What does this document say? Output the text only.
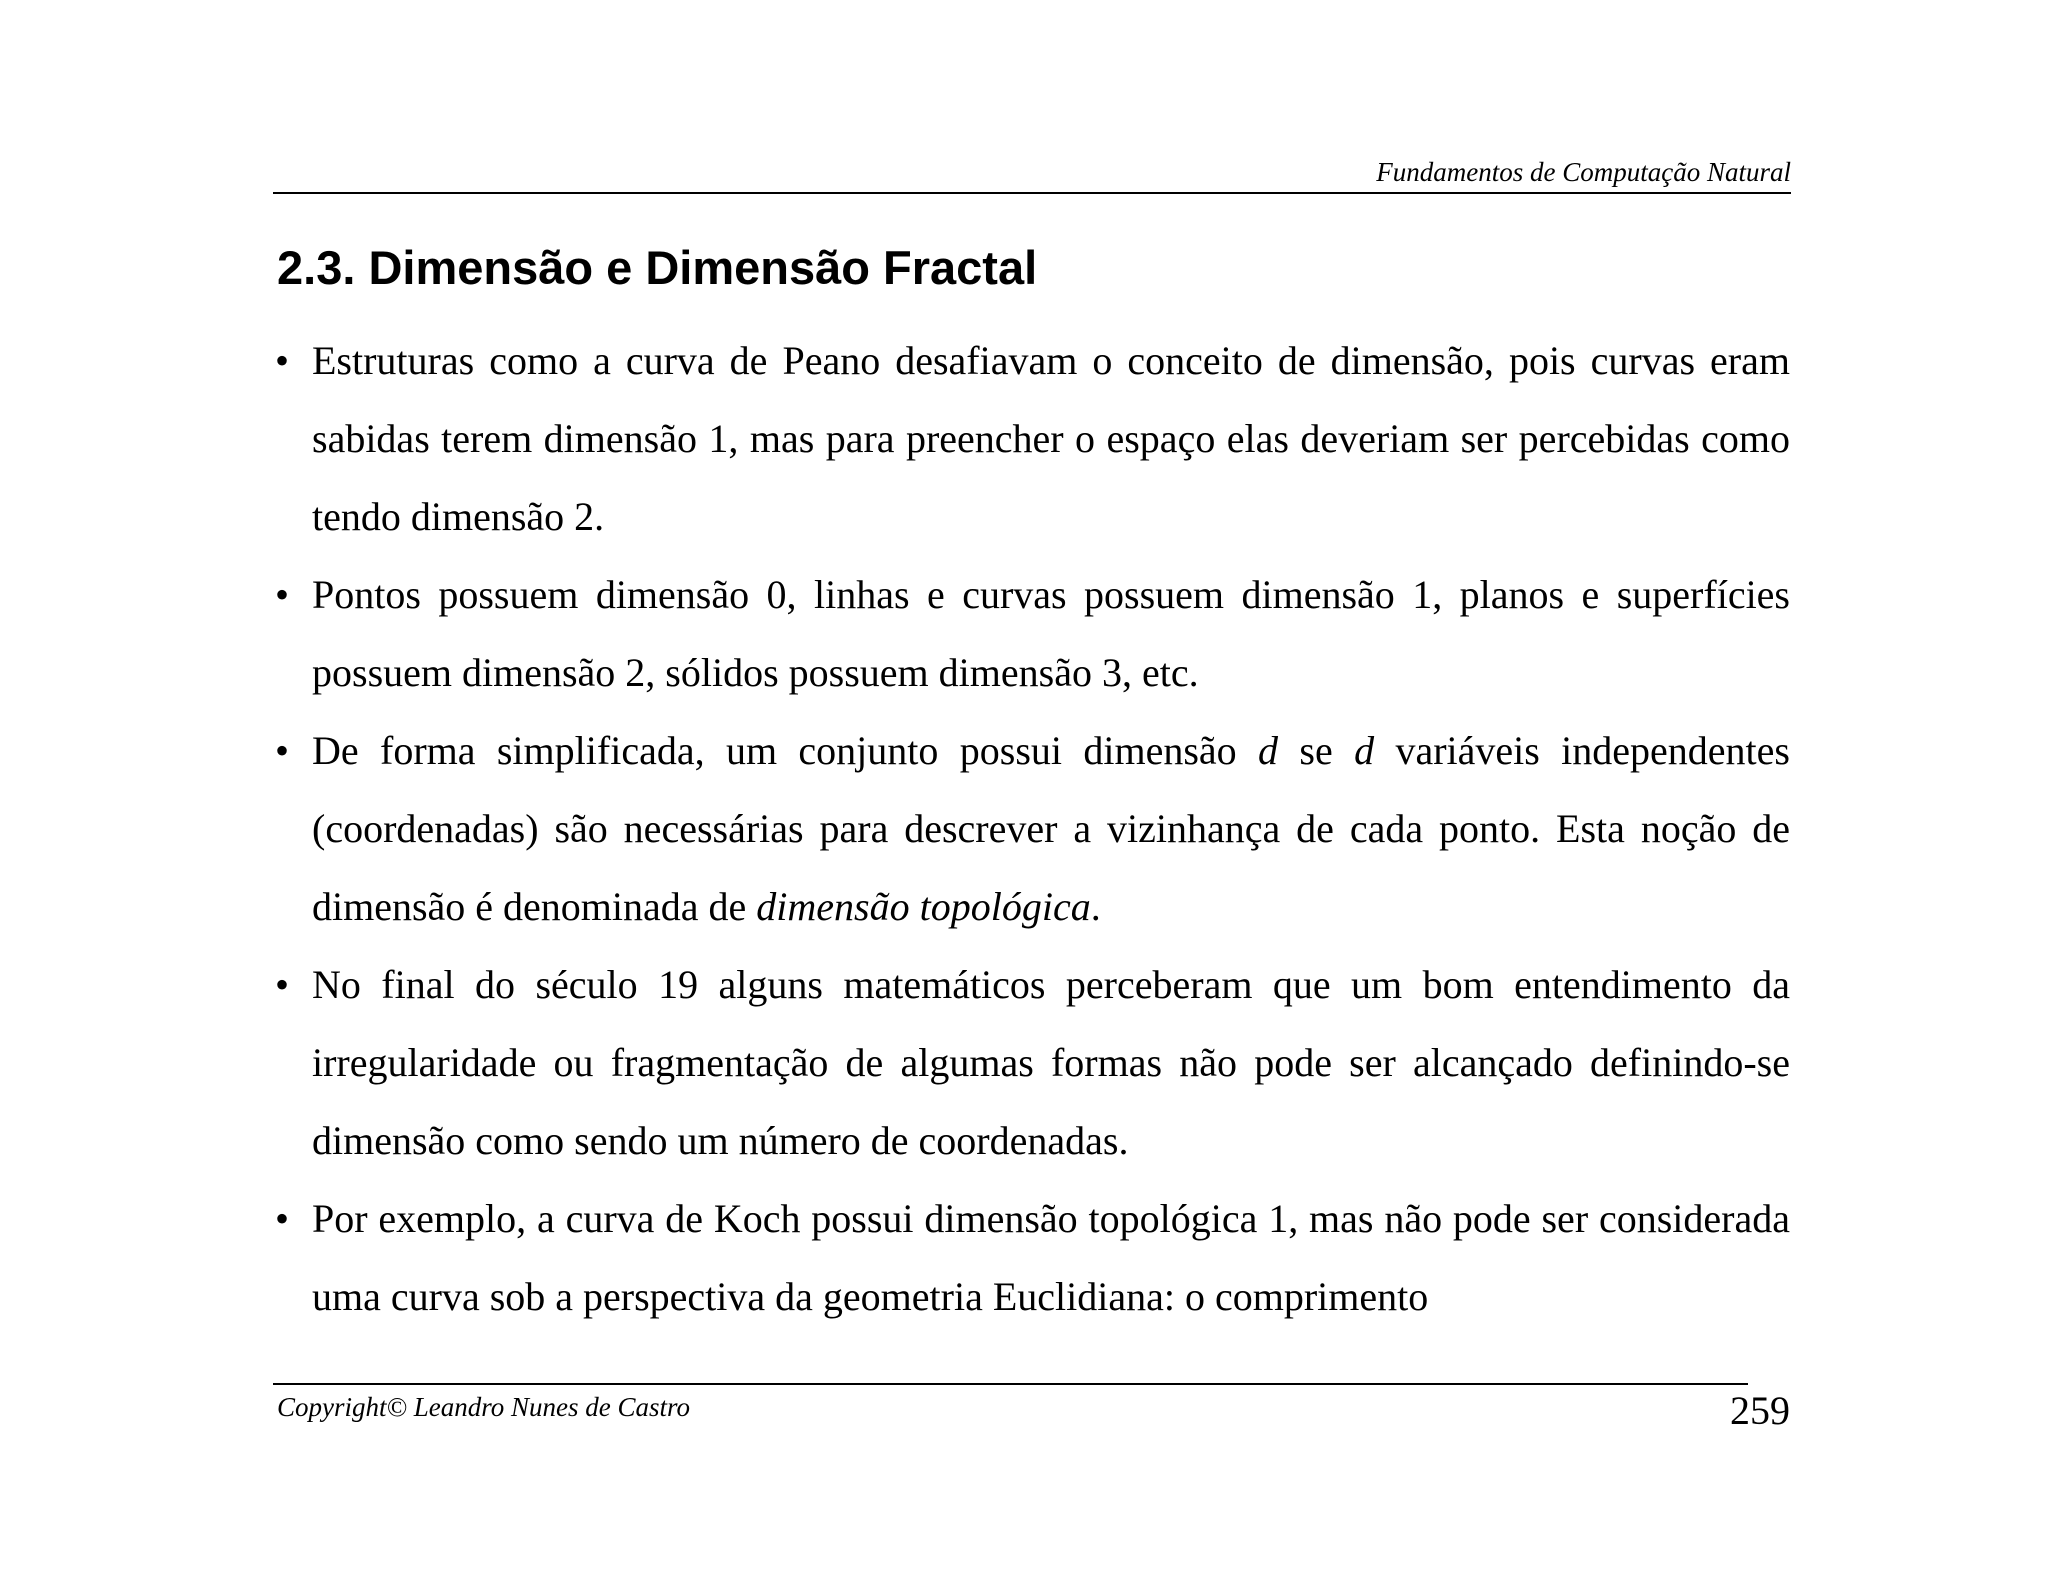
Fundamentos de Computação Natural
2.3. Dimensão e Dimensão Fractal
• Estruturas como a curva de Peano desafiavam o conceito de dimensão, pois curvas eram sabidas terem dimensão 1, mas para preencher o espaço elas deveriam ser percebidas como tendo dimensão 2.
• Pontos possuem dimensão 0, linhas e curvas possuem dimensão 1, planos e superfícies possuem dimensão 2, sólidos possuem dimensão 3, etc.
• De forma simplificada, um conjunto possui dimensão d se d variáveis independentes (coordenadas) são necessárias para descrever a vizinhança de cada ponto. Esta noção de dimensão é denominada de dimensão topológica.
• No final do século 19 alguns matemáticos perceberam que um bom entendimento da irregularidade ou fragmentação de algumas formas não pode ser alcançado definindo-se dimensão como sendo um número de coordenadas.
• Por exemplo, a curva de Koch possui dimensão topológica 1, mas não pode ser considerada uma curva sob a perspectiva da geometria Euclidiana: o comprimento
Copyright© Leandro Nunes de Castro	259
